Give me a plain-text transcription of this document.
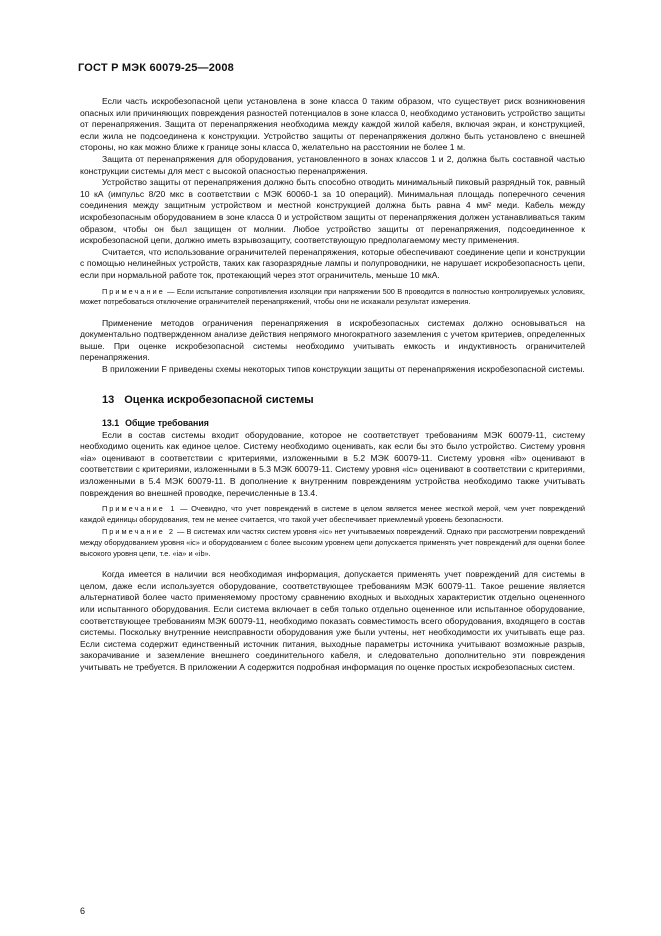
ГОСТ Р МЭК 60079-25—2008

Если часть искробезопасной цепи установлена в зоне класса 0 таким образом, что существует риск возникновения опасных или причиняющих повреждения разностей потенциалов в зоне класса 0, необходимо установить устройство защиты от перенапряжения. Защита от перенапряжения необходима между каждой жилой кабеля, включая экран, и конструкцией, если жила не подсоединена к конструкции. Устройство защиты от перенапряжения должно быть установлено с внешней стороны, но как можно ближе к границе зоны класса 0, желательно на расстоянии не более 1 м.

Защита от перенапряжения для оборудования, установленного в зонах классов 1 и 2, должна быть составной частью конструкции системы для мест с высокой опасностью перенапряжения.

Устройство защиты от перенапряжения должно быть способно отводить минимальный пиковый разрядный ток, равный 10 кА (импульс 8/20 мкс в соответствии с МЭК 60060-1 за 10 операций). Минимальная площадь поперечного сечения соединения между защитным устройством и местной конструкцией должна быть равна 4 мм² меди. Кабель между искробезопасным оборудованием в зоне класса 0 и устройством защиты от перенапряжения должен устанавливаться таким образом, чтобы он был защищен от молнии. Любое устройство защиты от перенапряжения, подсоединенное к искробезопасной цепи, должно иметь взрывозащиту, соответствующую предполагаемому месту применения.

Считается, что использование ограничителей перенапряжения, которые обеспечивают соединение цепи и конструкции с помощью нелинейных устройств, таких как газоразрядные лампы и полупроводники, не нарушает искробезопасность цепи, если при нормальной работе ток, протекающий через этот ограничитель, меньше 10 мкА.

Примечание — Если испытание сопротивления изоляции при напряжении 500 В проводится в полностью контролируемых условиях, может потребоваться отключение ограничителей перенапряжений, чтобы они не искажали результат измерения.

Применение методов ограничения перенапряжения в искробезопасных системах должно основываться на документально подтвержденном анализе действия непрямого многократного заземления с учетом критериев, определенных выше. При оценке искробезопасной системы необходимо учитывать емкость и индуктивность ограничителей перенапряжения.

В приложении F приведены схемы некоторых типов конструкции защиты от перенапряжения искробезопасной системы.

13 Оценка искробезопасной системы
13.1 Общие требования

Если в состав системы входит оборудование, которое не соответствует требованиям МЭК 60079-11, систему необходимо оценить как единое целое. Систему необходимо оценивать, как если бы это было устройство. Систему уровня «ia» оценивают в соответствии с критериями, изложенными в 5.2 МЭК 60079-11. Систему уровня «ib» оценивают в соответствии с критериями, изложенными в 5.3 МЭК 60079-11. Систему уровня «ic» оценивают в соответствии с критериями, изложенными в 5.4 МЭК 60079-11. В дополнение к внутренним повреждениям устройства необходимо также учитывать повреждения во внешней проводке, перечисленные в 13.4.

Примечание 1 — Очевидно, что учет повреждений в системе в целом является менее жесткой мерой, чем учет повреждений каждой единицы оборудования, тем не менее считается, что такой учет обеспечивает приемлемый уровень безопасности.
Примечание 2 — В системах или частях систем уровня «ic» нет учитываемых повреждений. Однако при рассмотрении повреждений между оборудованием уровня «ic» и оборудованием с более высоким уровнем цепи допускается применять учет повреждений для оценки более высокого уровня цепи, т.е. «ia» и «ib».

Когда имеется в наличии вся необходимая информация, допускается применять учет повреждений для системы в целом, даже если используется оборудование, соответствующее требованиям МЭК 60079-11. Такое решение является альтернативой более часто применяемому простому сравнению входных и выходных характеристик отдельно оцененного или испытанного оборудования. Если система включает в себя только отдельно оцененное или испытанное оборудование, соответствующее требованиям МЭК 60079-11, необходимо показать совместимость всего оборудования, входящего в состав системы. Поскольку внутренние неисправности оборудования уже были учтены, нет необходимости их учитывать еще раз. Если система содержит единственный источник питания, выходные параметры источника учитывают возможные разрыв, закорачивание и заземление внешнего соединительного кабеля, и следовательно дополнительно эти повреждения учитывать не требуется. В приложении А содержится подробная информация по оценке простых искробезопасных систем.

6
